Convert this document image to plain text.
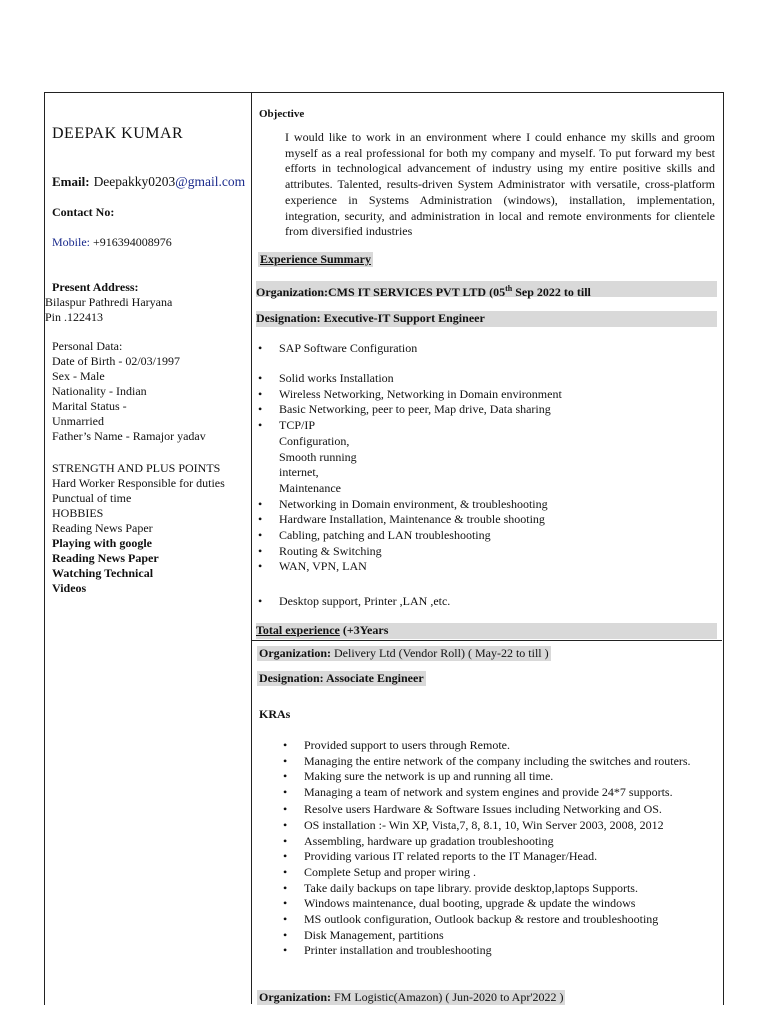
DEEPAK KUMAR
Email: Deepakky0203@gmail.com
Contact No:
Mobile: +916394008976
Present Address:
Bilaspur Pathredi Haryana
Pin .122413
Personal Data:
Date of Birth - 02/03/1997
Sex - Male
Nationality - Indian
Marital Status -
Unmarried
Father’s Name - Ramajor yadav
STRENGTH AND PLUS POINTS
Hard Worker Responsible for duties
Punctual of time
HOBBIES
Reading News Paper
Playing with google
Reading News Paper
Watching Technical
Videos
Objective
I would like to work in an environment where I could enhance my skills and groom myself as a real professional for both my company and myself. To put forward my best efforts in technological advancement of industry using my entire positive skills and attributes. Talented, results-driven System Administrator with versatile, cross-platform experience in Systems Administration (windows), installation, implementation, integration, security, and administration in local and remote environments for clientele from diversified industries
Experience Summary
Organization:CMS IT SERVICES PVT LTD (05th Sep 2022 to till
Designation: Executive-IT Support Engineer
• SAP Software Configuration
• Solid works Installation
• Wireless Networking, Networking in Domain environment
• Basic Networking, peer to peer, Map drive, Data sharing
• TCP/IP
Configuration,
Smooth running
internet,
Maintenance
• Networking in Domain environment, & troubleshooting
• Hardware Installation, Maintenance & trouble shooting
• Cabling, patching and LAN troubleshooting
• Routing & Switching
• WAN, VPN, LAN
• Desktop support, Printer ,LAN ,etc.
Total experience (+3Years
Organization: Delivery Ltd (Vendor Roll) ( May-22 to till )
Designation: Associate Engineer
KRAs
• Provided support to users through Remote.
• Managing the entire network of the company including the switches and routers.
• Making sure the network is up and running all time.
• Managing a team of network and system engines and provide 24*7 supports.
• Resolve users Hardware & Software Issues including Networking and OS.
• OS installation :- Win XP, Vista,7, 8, 8.1, 10, Win Server 2003, 2008, 2012
• Assembling, hardware up gradation troubleshooting
• Providing various IT related reports to the IT Manager/Head.
• Complete Setup and proper wiring .
• Take daily backups on tape library. provide desktop,laptops Supports.
• Windows maintenance, dual booting, upgrade & update the windows
• MS outlook configuration, Outlook backup & restore and troubleshooting
• Disk Management, partitions
• Printer installation and troubleshooting
Organization: FM Logistic(Amazon) ( Jun-2020 to Apr'2022 )
